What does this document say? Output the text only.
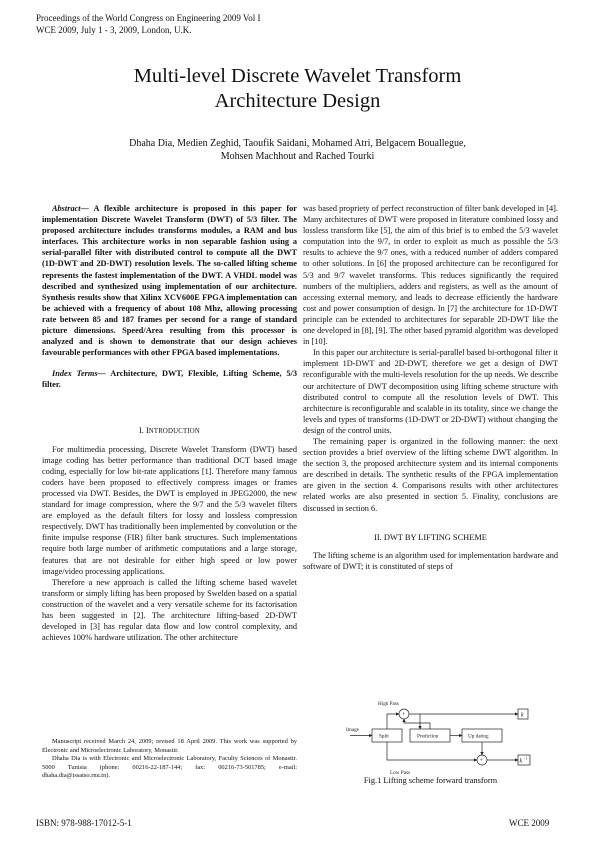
Proceedings of the World Congress on Engineering 2009 Vol I
WCE 2009, July 1 - 3, 2009, London, U.K.
Multi-level Discrete Wavelet Transform
Architecture Design
Dhaha Dia, Medien Zeghid, Taoufik Saidani, Mohamed Atri, Belgacem Bouallegue,
Mohsen Machhout and Rached Tourki

Abstract— A flexible architecture is proposed in this paper for implementation Discrete Wavelet Transform (DWT) of 5/3 filter. The proposed architecture includes transforms modules, a RAM and bus interfaces. This architecture works in non separable fashion using a serial-parallel filter with distributed control to compute all the DWT (1D-DWT and 2D-DWT) resolution levels. The so-called lifting scheme represents the fastest implementation of the DWT. A VHDL model was described and synthesized using implementation of our architecture. Synthesis results show that Xilinx XCV600E FPGA implementation can be achieved with a frequency of about 108 Mhz, allowing processing rate between 85 and 187 frames per second for a range of standard picture dimensions. Speed/Area resulting from this processor is analyzed and is shown to demonstrate that our design achieves favourable performances with other FPGA based implementations.

Index Terms— Architecture, DWT, Flexible, Lifting Scheme, 5/3 filter.

I. INTRODUCTION

For multimedia processing, Discrete Wavelet Transform (DWT) based image coding has better performance than traditional DCT based image coding, especially for low bit-rate applications [1]. Therefore many famous coders have been proposed to effectively compress images or frames processed via DWT. Besides, the DWT is employed in JPEG2000, the new standard for image compression, where the 9/7 and the 5/3 wavelet filters are employed as the default filters for lossy and lossless compression respectively. DWT has traditionally been implemented by convolution or the finite impulse response (FIR) filter bank structures. Such implementations require both large number of arithmetic computations and a large storage, features that are not desirable for either high speed or low power image/video processing applications.

Therefore a new approach is called the lifting scheme based wavelet transform or simply lifting has been proposed by Swelden based on a spatial construction of the wavelet and a very versatile scheme for its factorisation has been suggested in [2]. The architecture lifting-based 2D-DWT developed in [3] has regular data flow and low control complexity, and achieves 100% hardware utilization. The other architecture

Manuscript received March 24, 2009; revised 18 April 2009. This work was supported by Electronic and Microelectronic Laboratory, Monastir.

Dhaha Dia is with Electronic and Microelectronic Laboratory, Faculty Sciences of Monastir. 5000 Tunisia (phone: 00216-22-187-144; fax: 00216-73-501785; e-mail: dhaha.dia@issatso.rnu.tn).

was based propriety of perfect reconstruction of filter bank developed in [4]. Many architectures of DWT were proposed in literature combined lossy and lossless transform like [5], the aim of this brief is to embed the 5/3 wavelet computation into the 9/7, in order to exploit as much as possible the 5/3 results to achieve the 9/7 ones, with a reduced number of adders compared to other solutions. In [6] the proposed architecture can be reconfigured for 5/3 and 9/7 wavelet transforms. This reduces significantly the required numbers of the multipliers, adders and registers, as well as the amount of accessing external memory, and leads to decrease efficiently the hardware cost and power consumption of design. In [7] the architecture for 1D-DWT principle can be extended to architectures for separable 2D-DWT like the one developed in [8], [9]. The other based pyramid algorithm was developed in [10].

In this paper our architecture is serial-parallel based bi-orthogonal filter it implement 1D-DWT and 2D-DWT, therefore we get a design of DWT reconfigurable with the multi-levels resolution for the up needs. We describe our architecture of DWT decomposition using lifting scheme structure with distributed control to compute all the resolution levels of DWT. This architecture is reconfigurable and scalable in its totality, since we change the levels and types of transforms (1D-DWT or 2D-DWT) without changing the design of the control units.

The remaining paper is organized in the following manner: the next section provides a brief overview of the lifting scheme DWT algorithm. In the section 3, the proposed architecture system and its internal components are described in details. The synthetic results of the FPGA implementation are given in the section 4. Comparisons results with other architectures related works are also presented in section 5. Finality, conclusions are discussed in section 6.

II. DWT BY LIFTING SCHEME

The lifting scheme is an algorithm used for implementation hardware and software of DWT; it is constituted of steps of

High Pass
Low Pass
Image
Split	Prediction	Up dating
+
+
k
k -1
Fig.1 Lifting scheme forward transform
ISBN: 978-988-17012-5-1	WCE 2009
